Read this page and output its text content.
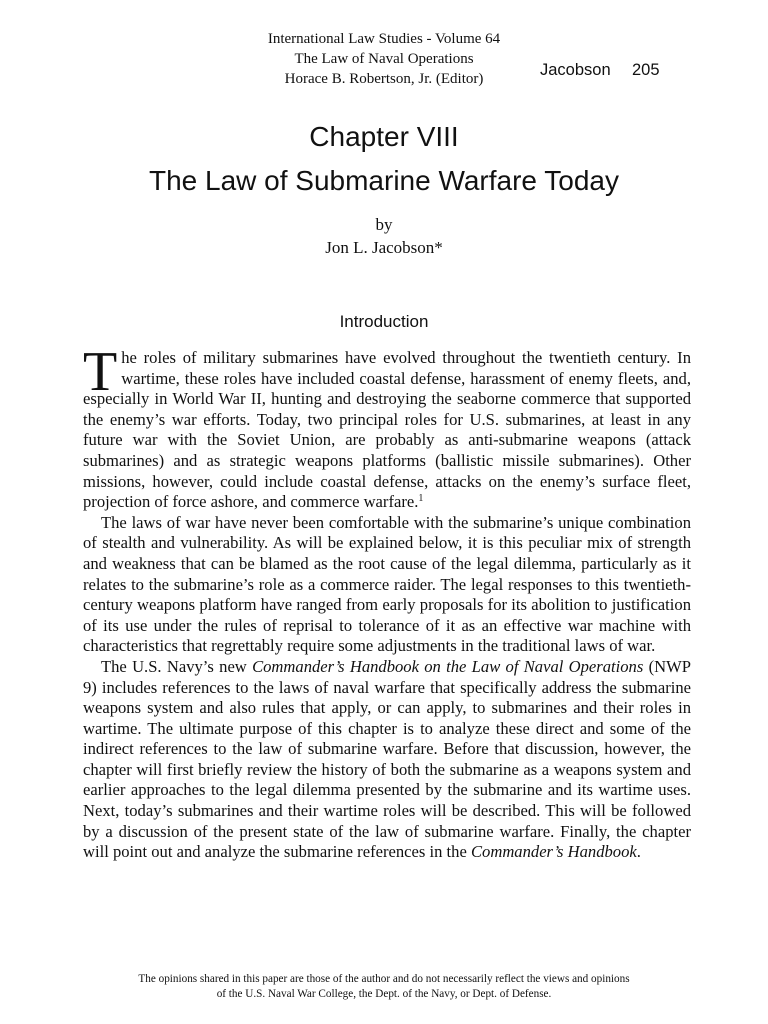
International Law Studies - Volume 64
The Law of Naval Operations
Horace B. Robertson, Jr. (Editor)	Jacobson 205
Chapter VIII
The Law of Submarine Warfare Today
by
Jon L. Jacobson*
Introduction

The roles of military submarines have evolved throughout the twentieth century. In wartime, these roles have included coastal defense, harassment of enemy fleets, and, especially in World War II, hunting and destroying the seaborne commerce that supported the enemy’s war efforts. Today, two principal roles for U.S. submarines, at least in any future war with the Soviet Union, are probably as anti-submarine weapons (attack submarines) and as strategic weapons platforms (ballistic missile submarines). Other missions, however, could include coastal defense, attacks on the enemy’s surface fleet, projection of force ashore, and commerce warfare.$^1$

The laws of war have never been comfortable with the submarine’s unique combination of stealth and vulnerability. As will be explained below, it is this peculiar mix of strength and weakness that can be blamed as the root cause of the legal dilemma, particularly as it relates to the submarine’s role as a commerce raider. The legal responses to this twentieth-century weapons platform have ranged from early proposals for its abolition to justification of its use under the rules of reprisal to tolerance of it as an effective war machine with characteristics that regrettably require some adjustments in the traditional laws of war.

The U.S. Navy’s new Commander’s Handbook on the Law of Naval Operations (NWP 9) includes references to the laws of naval warfare that specifically address the submarine weapons system and also rules that apply, or can apply, to submarines and their roles in wartime. The ultimate purpose of this chapter is to analyze these direct and some of the indirect references to the law of submarine warfare. Before that discussion, however, the chapter will first briefly review the history of both the submarine as a weapons system and earlier approaches to the legal dilemma presented by the submarine and its wartime uses. Next, today’s submarines and their wartime roles will be described. This will be followed by a discussion of the present state of the law of submarine warfare. Finally, the chapter will point out and analyze the submarine references in the Commander’s Handbook.

The opinions shared in this paper are those of the author and do not necessarily reflect the views and opinions
of the U.S. Naval War College, the Dept. of the Navy, or Dept. of Defense.
